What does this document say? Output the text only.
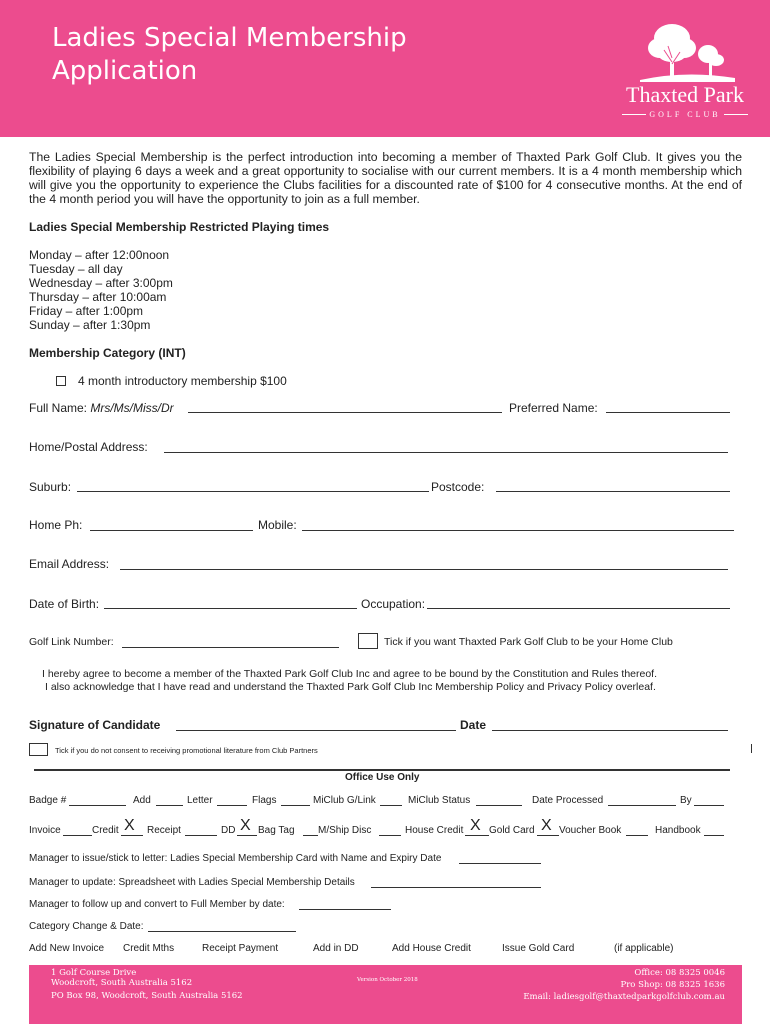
Ladies Special Membership
Application
Thaxted Park
GOLF CLUB
The Ladies Special Membership is the perfect introduction into becoming a member of Thaxted Park Golf Club. It gives you the flexibility of playing 6 days a week and a great opportunity to socialise with our current members. It is a 4 month membership which will give you the opportunity to experience the Clubs facilities for a discounted rate of $100 for 4 consecutive months. At the end of the 4 month period you will have the opportunity to join as a full member.
Ladies Special Membership Restricted Playing times
Monday – after 12:00noon
Tuesday – all day
Wednesday – after 3:00pm
Thursday – after 10:00am
Friday – after 1:00pm
Sunday – after 1:30pm
Membership Category (INT)
4 month introductory membership $100
Full Name: Mrs/Ms/Miss/Dr	Preferred Name:
Home/Postal Address:
Suburb:	Postcode:
Home Ph:	Mobile:
Email Address:
Date of Birth:	Occupation:
Golf Link Number:	Tick if you want Thaxted Park Golf Club to be your Home Club
I hereby agree to become a member of the Thaxted Park Golf Club Inc and agree to be bound by the Constitution and Rules thereof.
I also acknowledge that I have read and understand the Thaxted Park Golf Club Inc Membership Policy and Privacy Policy overleaf.
Signature of Candidate	Date
Tick if you do not consent to receiving promotional literature from Club Partners
Office Use Only
Badge #	Add	Letter	Flags	MiClub G/Link	MiClub Status	Date Processed	By
Invoice	Credit X Receipt	DD X Bag Tag M/Ship Disc	House Credit X Gold Card X Voucher Book	Handbook
Manager to issue/stick to letter: Ladies Special Membership Card with Name and Expiry Date
Manager to update: Spreadsheet with Ladies Special Membership Details
Manager to follow up and convert to Full Member by date:
Category Change & Date:
Add New Invoice Credit Mths	Receipt Payment	Add in DD	Add House Credit	Issue Gold Card	(if applicable)
1 Golf Course Drive
Woodcroft, South Australia 5162
PO Box 98, Woodcroft, South Australia 5162
Version October 2018
Office: 08 8325 0046
Pro Shop: 08 8325 1636
Email: ladiesgolf@thaxtedparkgolfclub.com.au
